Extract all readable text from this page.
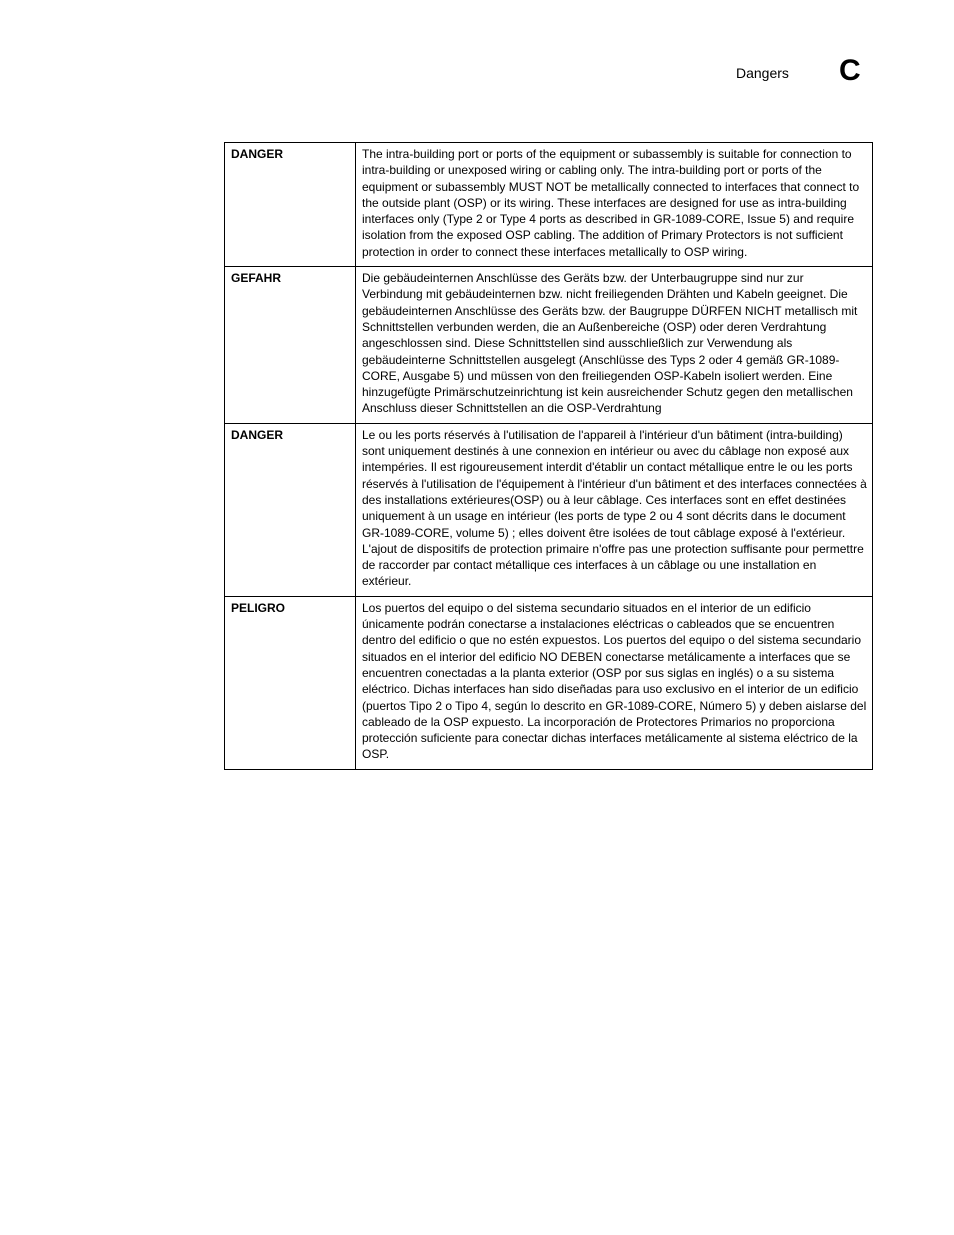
Dangers C
DANGER	The intra-building port or ports of the equipment or subassembly is suitable for connection to intra-building or unexposed wiring or cabling only. The intra-building port or ports of the equipment or subassembly MUST NOT be metallically connected to interfaces that connect to the outside plant (OSP) or its wiring. These interfaces are designed for use as intra-building interfaces only (Type 2 or Type 4 ports as described in GR-1089-CORE, Issue 5) and require isolation from the exposed OSP cabling. The addition of Primary Protectors is not sufficient protection in order to connect these interfaces metallically to OSP wiring.
GEFAHR	Die gebäudeinternen Anschlüsse des Geräts bzw. der Unterbaugruppe sind nur zur Verbindung mit gebäudeinternen bzw. nicht freiliegenden Drähten und Kabeln geeignet. Die gebäudeinternen Anschlüsse des Geräts bzw. der Baugruppe DÜRFEN NICHT metallisch mit Schnittstellen verbunden werden, die an Außenbereiche (OSP) oder deren Verdrahtung angeschlossen sind. Diese Schnittstellen sind ausschließlich zur Verwendung als gebäudeinterne Schnittstellen ausgelegt (Anschlüsse des Typs 2 oder 4 gemäß GR-1089-CORE, Ausgabe 5) und müssen von den freiliegenden OSP-Kabeln isoliert werden. Eine hinzugefügte Primärschutzeinrichtung ist kein ausreichender Schutz gegen den metallischen Anschluss dieser Schnittstellen an die OSP-Verdrahtung
DANGER	Le ou les ports réservés à l'utilisation de l'appareil à l'intérieur d'un bâtiment (intra-building) sont uniquement destinés à une connexion en intérieur ou avec du câblage non exposé aux intempéries. Il est rigoureusement interdit d'établir un contact métallique entre le ou les ports réservés à l'utilisation de l'équipement à l'intérieur d'un bâtiment et des interfaces connectées à des installations extérieures(OSP) ou à leur câblage. Ces interfaces sont en effet destinées uniquement à un usage en intérieur (les ports de type 2 ou 4 sont décrits dans le document GR-1089-CORE, volume 5) ; elles doivent être isolées de tout câblage exposé à l'extérieur. L'ajout de dispositifs de protection primaire n'offre pas une protection suffisante pour permettre de raccorder par contact métallique ces interfaces à un câblage ou une installation en extérieur.
PELIGRO	Los puertos del equipo o del sistema secundario situados en el interior de un edificio únicamente podrán conectarse a instalaciones eléctricas o cableados que se encuentren dentro del edificio o que no estén expuestos. Los puertos del equipo o del sistema secundario situados en el interior del edificio NO DEBEN conectarse metálicamente a interfaces que se encuentren conectadas a la planta exterior (OSP por sus siglas en inglés) o a su sistema eléctrico. Dichas interfaces han sido diseñadas para uso exclusivo en el interior de un edificio (puertos Tipo 2 o Tipo 4, según lo descrito en GR-1089-CORE, Número 5) y deben aislarse del cableado de la OSP expuesto. La incorporación de Protectores Primarios no proporciona protección suficiente para conectar dichas interfaces metálicamente al sistema eléctrico de la OSP.
